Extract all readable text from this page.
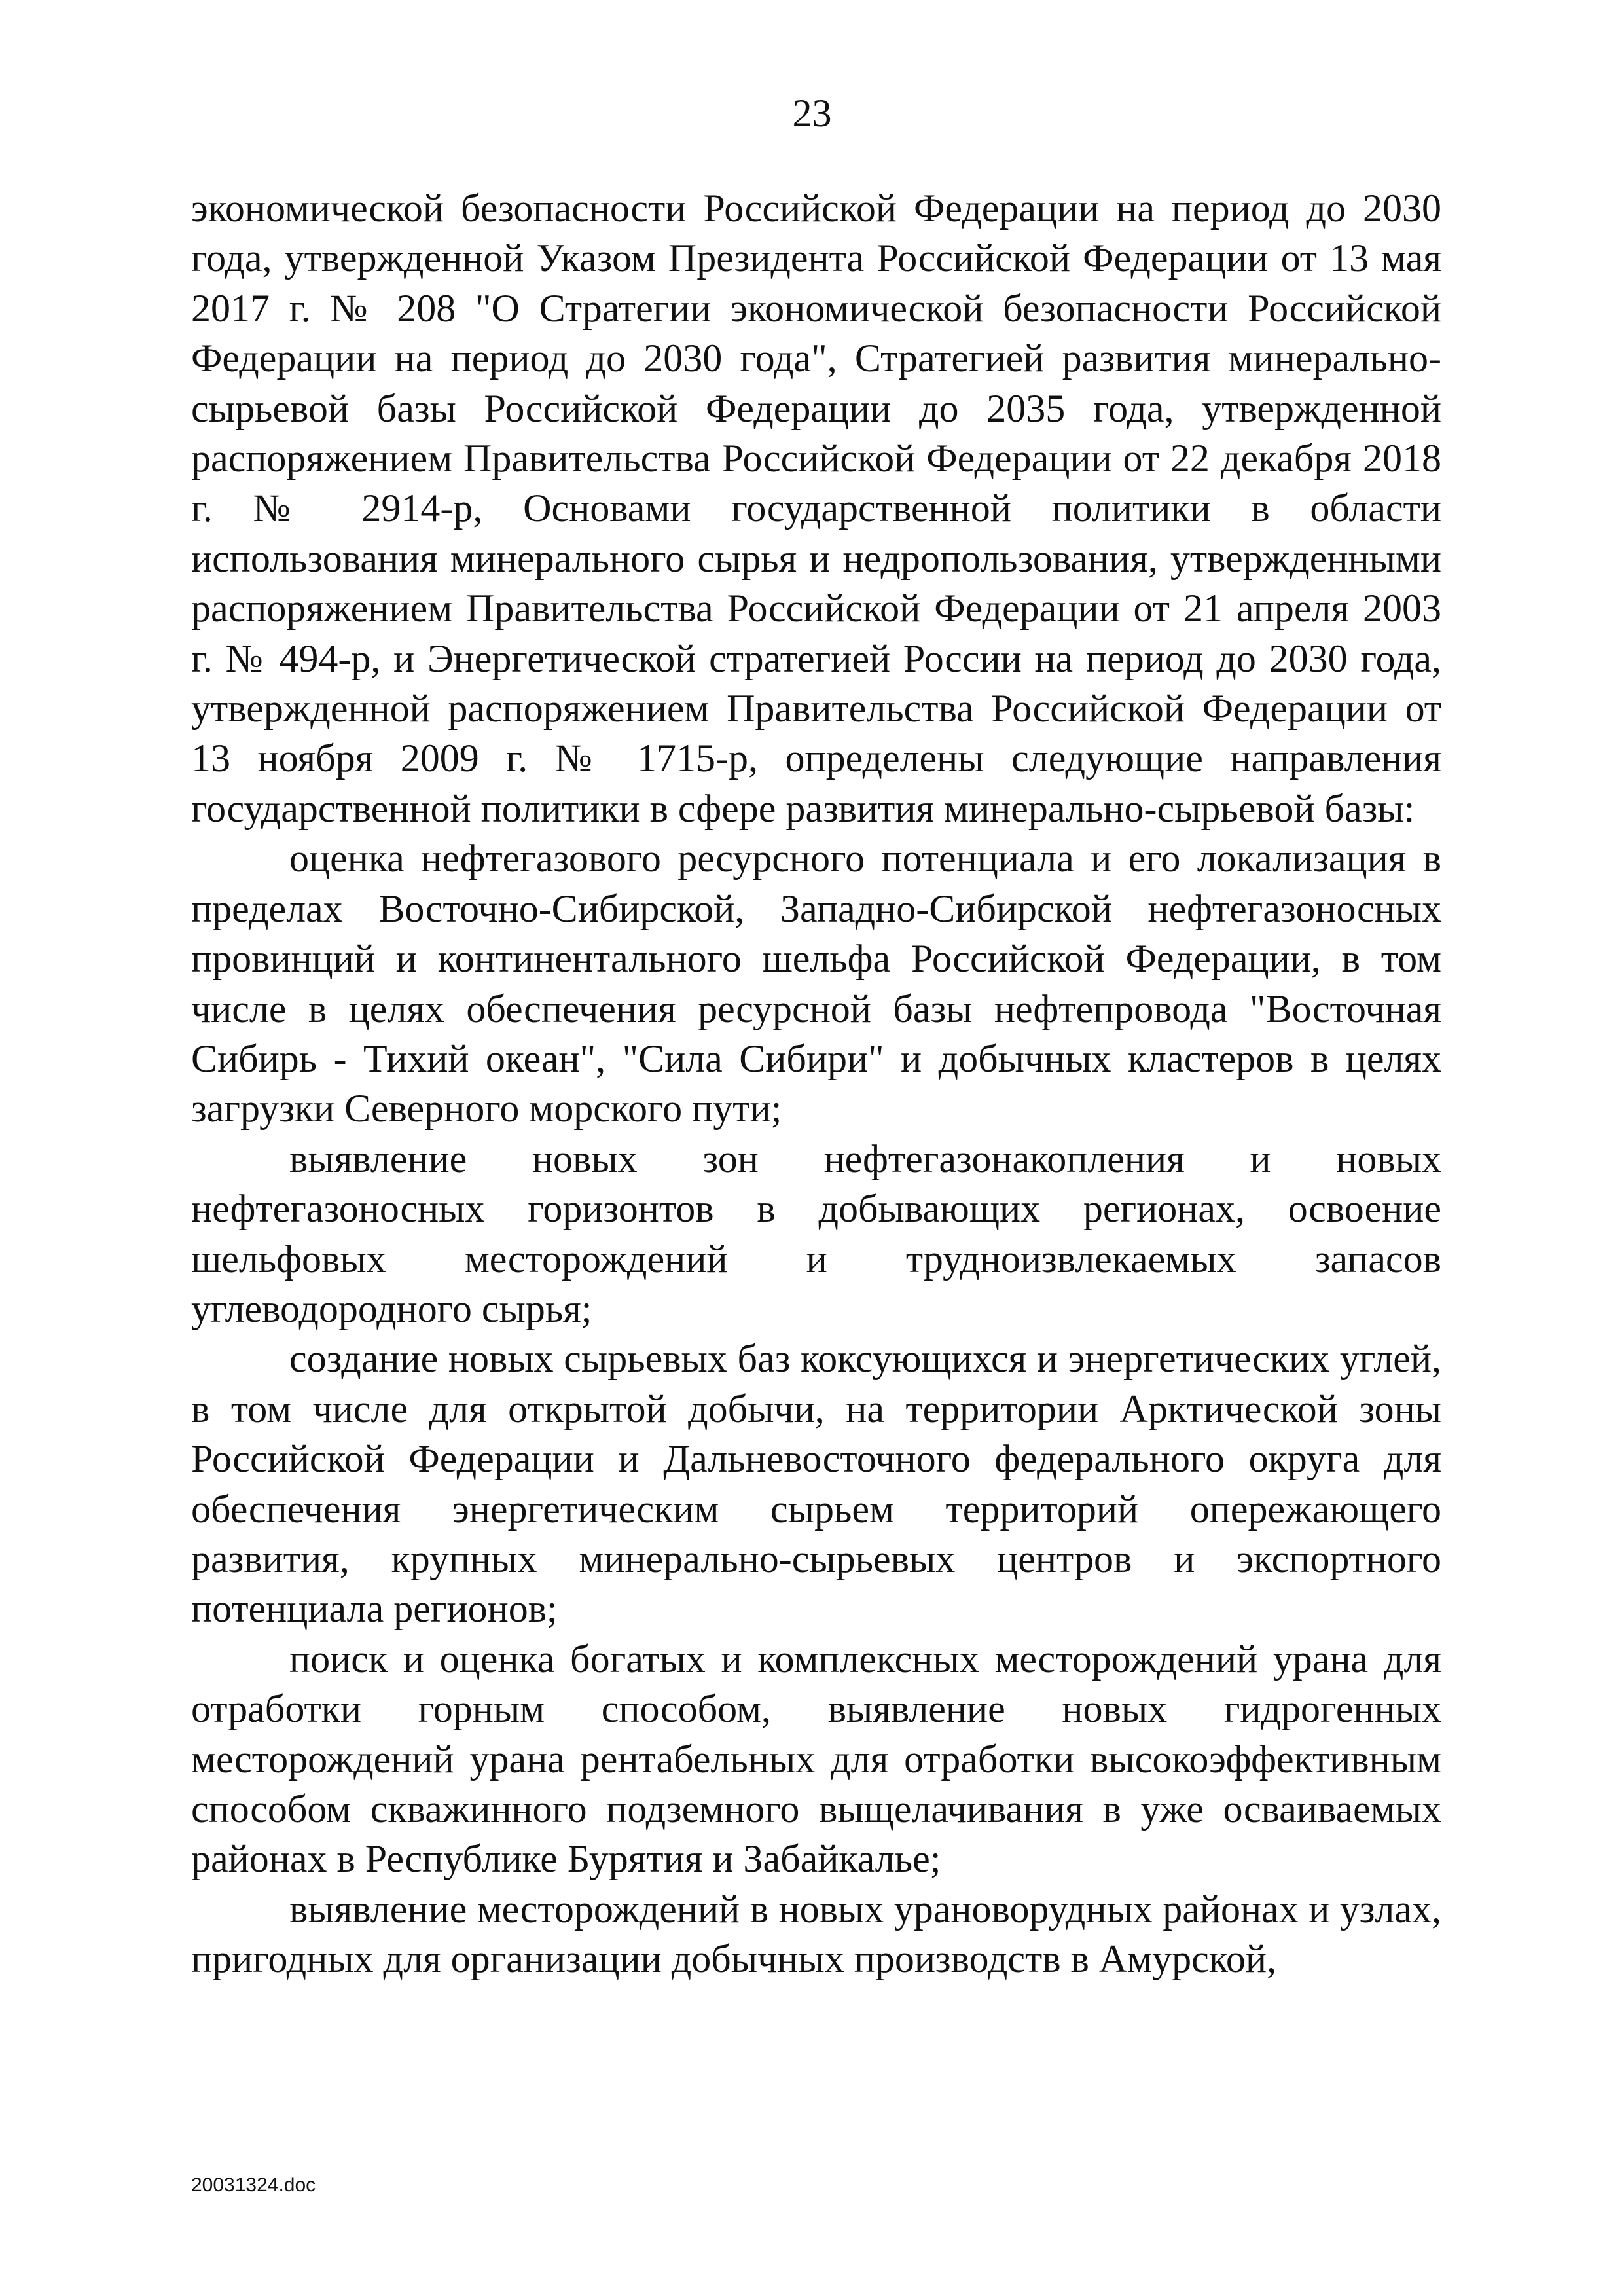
23

экономической безопасности Российской Федерации на период до 2030 года, утвержденной Указом Президента Российской Федерации от 13 мая 2017 г. № 208 "О Стратегии экономической безопасности Российской Федерации на период до 2030 года", Стратегией развития минерально-сырьевой базы Российской Федерации до 2035 года, утвержденной распоряжением Правительства Российской Федерации от 22 декабря 2018 г. № 2914-р, Основами государственной политики в области использования минерального сырья и недропользования, утвержденными распоряжением Правительства Российской Федерации от 21 апреля 2003 г. № 494-р, и Энергетической стратегией России на период до 2030 года, утвержденной распоряжением Правительства Российской Федерации от 13 ноября 2009 г. № 1715-р, определены следующие направления государственной политики в сфере развития минерально-сырьевой базы:

оценка нефтегазового ресурсного потенциала и его локализация в пределах Восточно-Сибирской, Западно-Сибирской нефтегазоносных провинций и континентального шельфа Российской Федерации, в том числе в целях обеспечения ресурсной базы нефтепровода "Восточная Сибирь - Тихий океан", "Сила Сибири" и добычных кластеров в целях загрузки Северного морского пути;

выявление новых зон нефтегазонакопления и новых нефтегазоносных горизонтов в добывающих регионах, освоение шельфовых месторождений и трудноизвлекаемых запасов углеводородного сырья;

создание новых сырьевых баз коксующихся и энергетических углей, в том числе для открытой добычи, на территории Арктической зоны Российской Федерации и Дальневосточного федерального округа для обеспечения энергетическим сырьем территорий опережающего развития, крупных минерально-сырьевых центров и экспортного потенциала регионов;

поиск и оценка богатых и комплексных месторождений урана для отработки горным способом, выявление новых гидрогенных месторождений урана рентабельных для отработки высокоэффективным способом скважинного подземного выщелачивания в уже осваиваемых районах в Республике Бурятия и Забайкалье;

выявление месторождений в новых урановорудных районах и узлах, пригодных для организации добычных производств в Амурской,

20031324.doc
